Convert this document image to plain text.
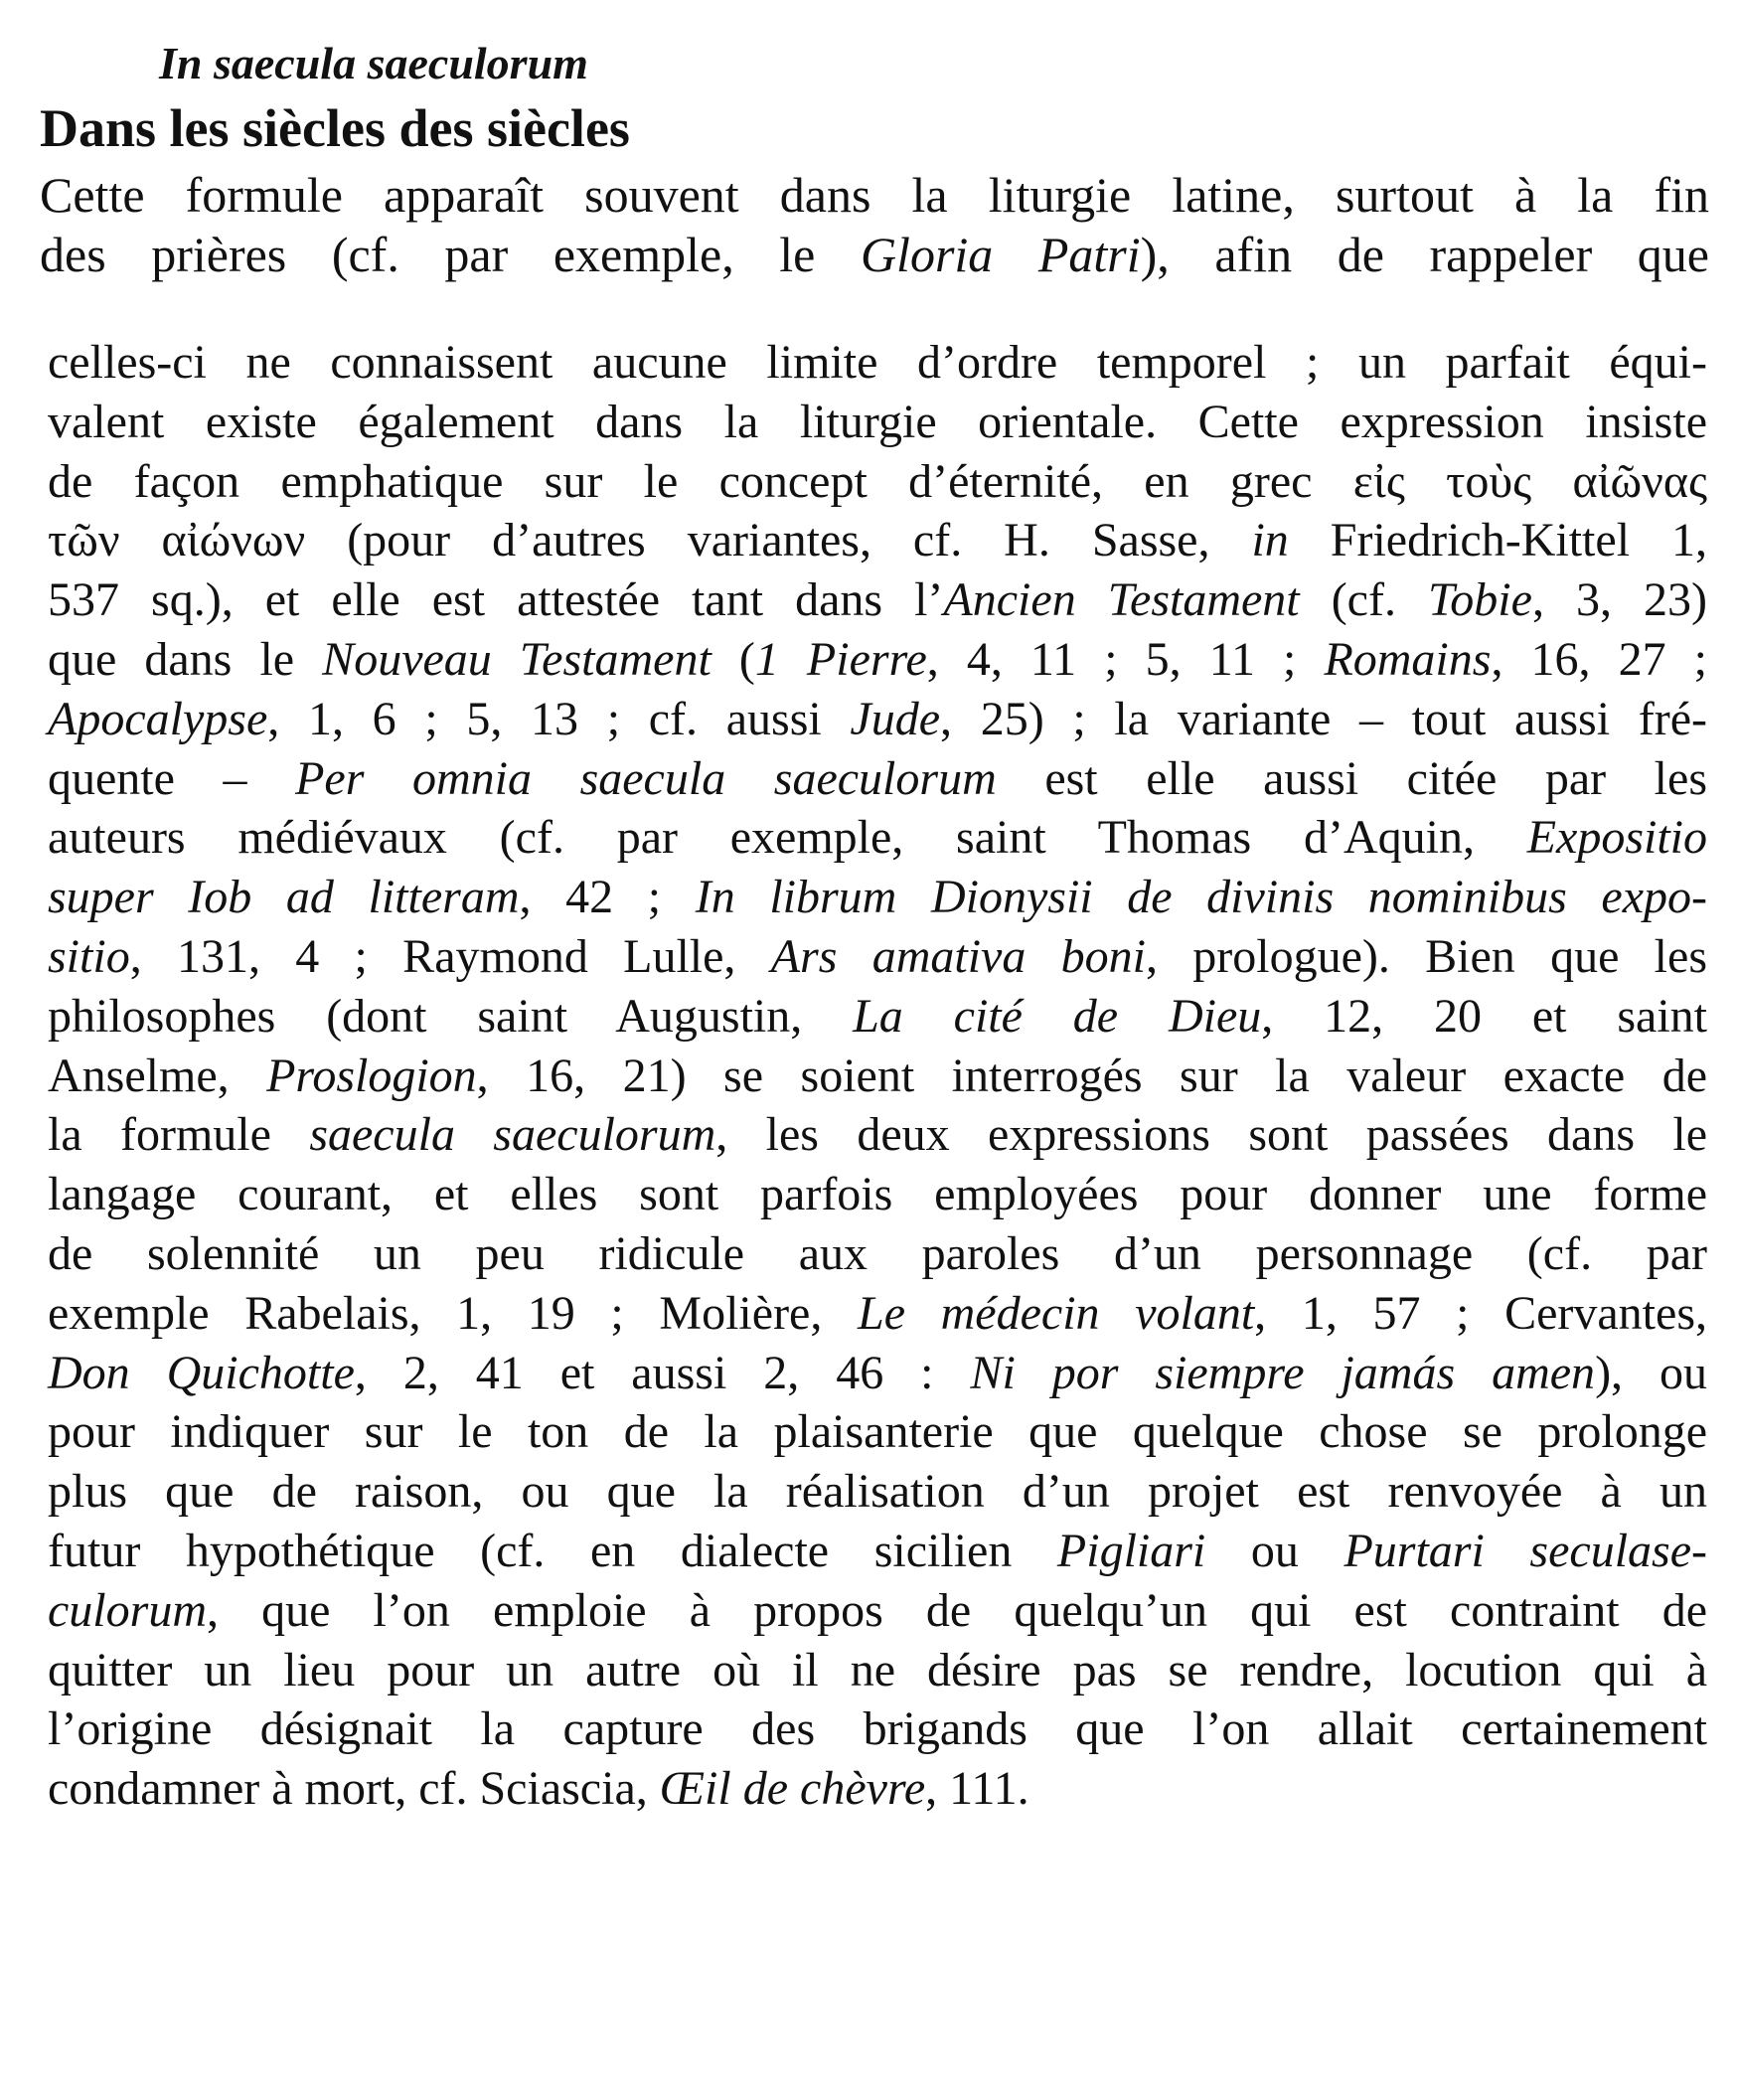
In saecula saeculorum
Dans les siècles des siècles

Cette formule apparaît souvent dans la liturgie latine, surtout à la fin
des prières (cf. par exemple, le Gloria Patri), afin de rappeler que

celles-ci ne connaissent aucune limite d’ordre temporel ; un parfait équi-
valent existe également dans la liturgie orientale. Cette expression insiste
de façon emphatique sur le concept d’éternité, en grec εἰς τοὺς αἰῶνας
τῶν αἰώνων (pour d’autres variantes, cf. H. Sasse, in Friedrich-Kittel 1,
537 sq.), et elle est attestée tant dans l’Ancien Testament (cf. Tobie, 3, 23)
que dans le Nouveau Testament (1 Pierre, 4, 11 ; 5, 11 ; Romains, 16, 27 ;
Apocalypse, 1, 6 ; 5, 13 ; cf. aussi Jude, 25) ; la variante – tout aussi fré-
quente – Per omnia saecula saeculorum est elle aussi citée par les
auteurs médiévaux (cf. par exemple, saint Thomas d’Aquin, Expositio
super Iob ad litteram, 42 ; In librum Dionysii de divinis nominibus expo-
sitio, 131, 4 ; Raymond Lulle, Ars amativa boni, prologue). Bien que les
philosophes (dont saint Augustin, La cité de Dieu, 12, 20 et saint
Anselme, Proslogion, 16, 21) se soient interrogés sur la valeur exacte de
la formule saecula saeculorum, les deux expressions sont passées dans le
langage courant, et elles sont parfois employées pour donner une forme
de solennité un peu ridicule aux paroles d’un personnage (cf. par
exemple Rabelais, 1, 19 ; Molière, Le médecin volant, 1, 57 ; Cervantes,
Don Quichotte, 2, 41 et aussi 2, 46 : Ni por siempre jamás amen), ou
pour indiquer sur le ton de la plaisanterie que quelque chose se prolonge
plus que de raison, ou que la réalisation d’un projet est renvoyée à un
futur hypothétique (cf. en dialecte sicilien Pigliari ou Purtari seculase-
culorum, que l’on emploie à propos de quelqu’un qui est contraint de
quitter un lieu pour un autre où il ne désire pas se rendre, locution qui à
l’origine désignait la capture des brigands que l’on allait certainement
condamner à mort, cf. Sciascia, Œil de chèvre, 111.
